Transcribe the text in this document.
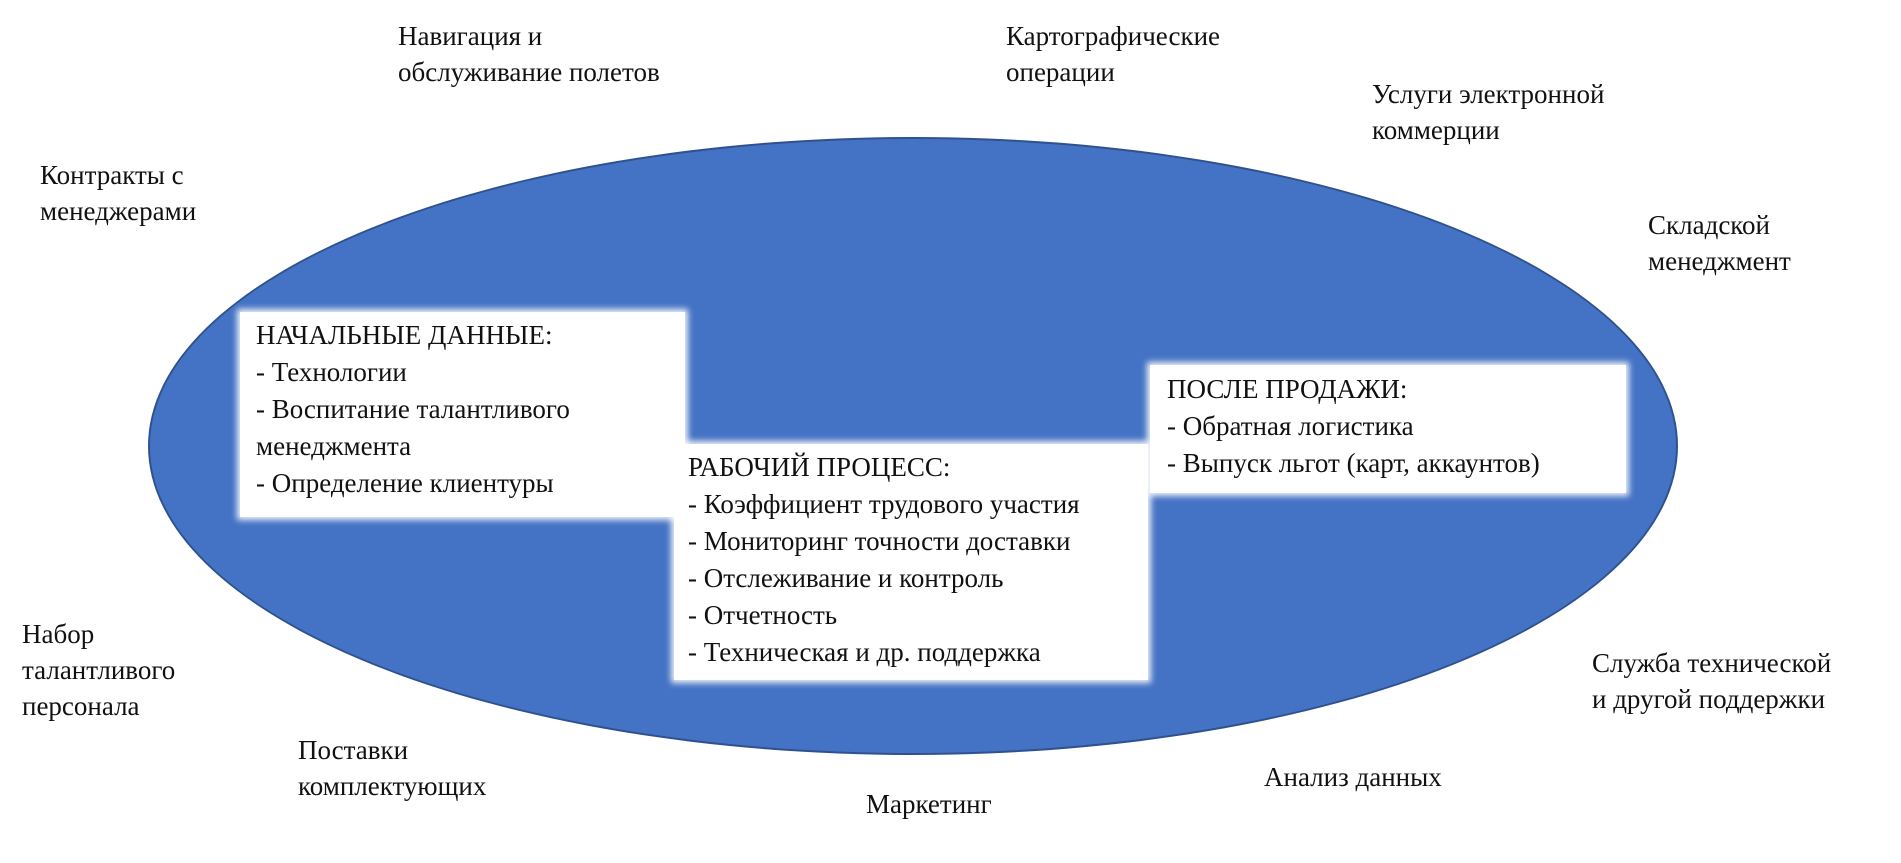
НАЧАЛЬНЫЕ ДАННЫЕ:
- Технологии
- Воспитание талантливого
менеджмента
- Определение клиентуры
РАБОЧИЙ ПРОЦЕСС:
- Коэффициент трудового участия
- Мониторинг точности доставки
- Отслеживание и контроль
- Отчетность
- Техническая и др. поддержка
ПОСЛЕ ПРОДАЖИ:
- Обратная логистика
- Выпуск льгот (карт, аккаунтов)
Навигация и
обслуживание полетов
Картографические
операции
Услуги электронной
коммерции
Контракты с
менеджерами	Складской
менеджмент
Набор
талантливого
персонала
Поставки
комплектующих
Маркетинг
Анализ данных
Служба технической
и другой поддержки
